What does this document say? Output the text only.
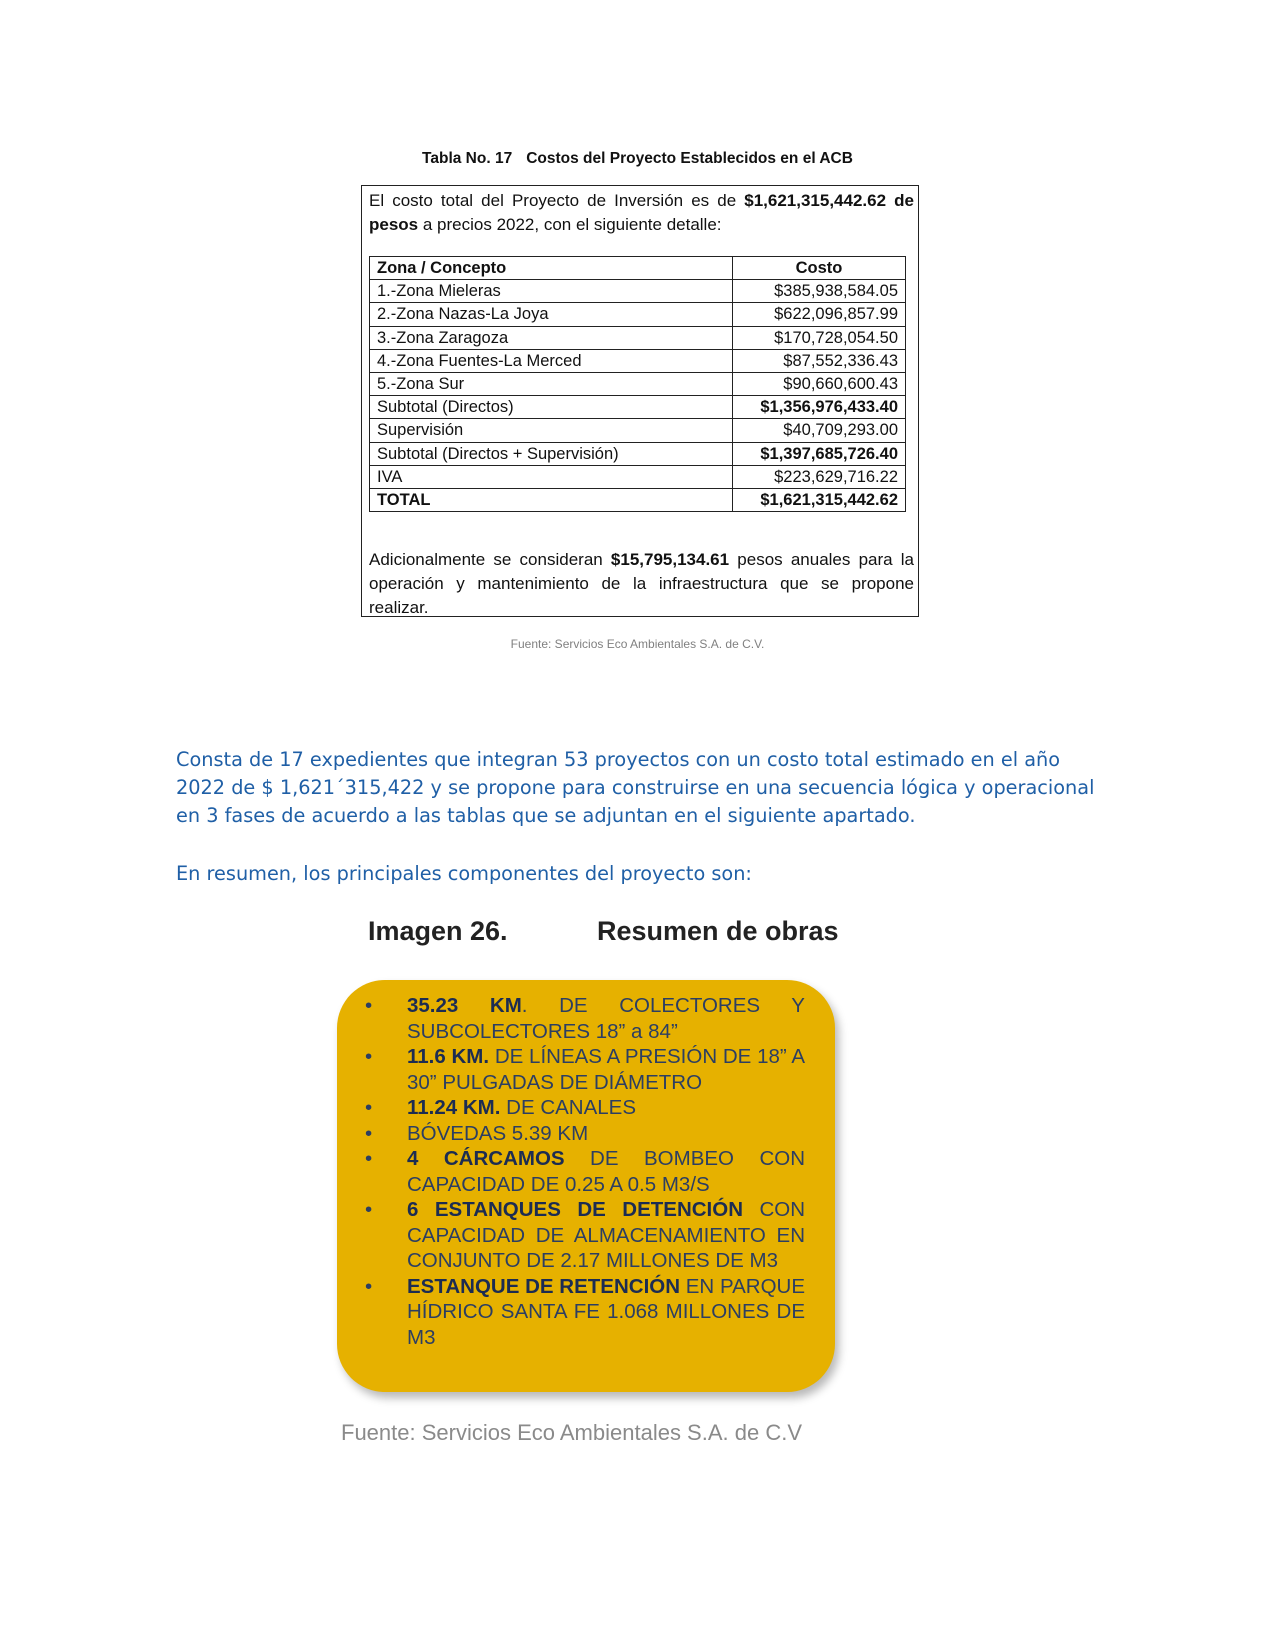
Tabla No. 17 Costos del Proyecto Establecidos en el ACB
El costo total del Proyecto de Inversión es de $1,621,315,442.62 de pesos a precios 2022, con el siguiente detalle:
Zona / Concepto	Costo
1.-Zona Mieleras	$385,938,584.05
2.-Zona Nazas-La Joya	$622,096,857.99
3.-Zona Zaragoza	$170,728,054.50
4.-Zona Fuentes-La Merced	$87,552,336.43
5.-Zona Sur	$90,660,600.43
Subtotal (Directos)	$1,356,976,433.40
Supervisión	$40,709,293.00
Subtotal (Directos + Supervisión)	$1,397,685,726.40
IVA	$223,629,716.22
TOTAL	$1,621,315,442.62
Adicionalmente se consideran $15,795,134.61 pesos anuales para la operación y mantenimiento de la infraestructura que se propone realizar.
Fuente: Servicios Eco Ambientales S.A. de C.V.
Consta de 17 expedientes que integran 53 proyectos con un costo total estimado en el año 2022 de $ 1,621´315,422 y se propone para construirse en una secuencia lógica y operacional en 3 fases de acuerdo a las tablas que se adjuntan en el siguiente apartado.
En resumen, los principales componentes del proyecto son:
Imagen 26.	Resumen de obras
• 35.23 KM. DE COLECTORES Y SUBCOLECTORES 18” a 84”
• 11.6 KM. DE LÍNEAS A PRESIÓN DE 18” A 30” PULGADAS DE DIÁMETRO
• 11.24 KM. DE CANALES
• BÓVEDAS 5.39 KM
• 4 CÁRCAMOS DE BOMBEO CON CAPACIDAD DE 0.25 A 0.5 M3/S
• 6 ESTANQUES DE DETENCIÓN CON CAPACIDAD DE ALMACENAMIENTO EN CONJUNTO DE 2.17 MILLONES DE M3
• ESTANQUE DE RETENCIÓN EN PARQUE HÍDRICO SANTA FE 1.068 MILLONES DE M3
Fuente: Servicios Eco Ambientales S.A. de C.V
